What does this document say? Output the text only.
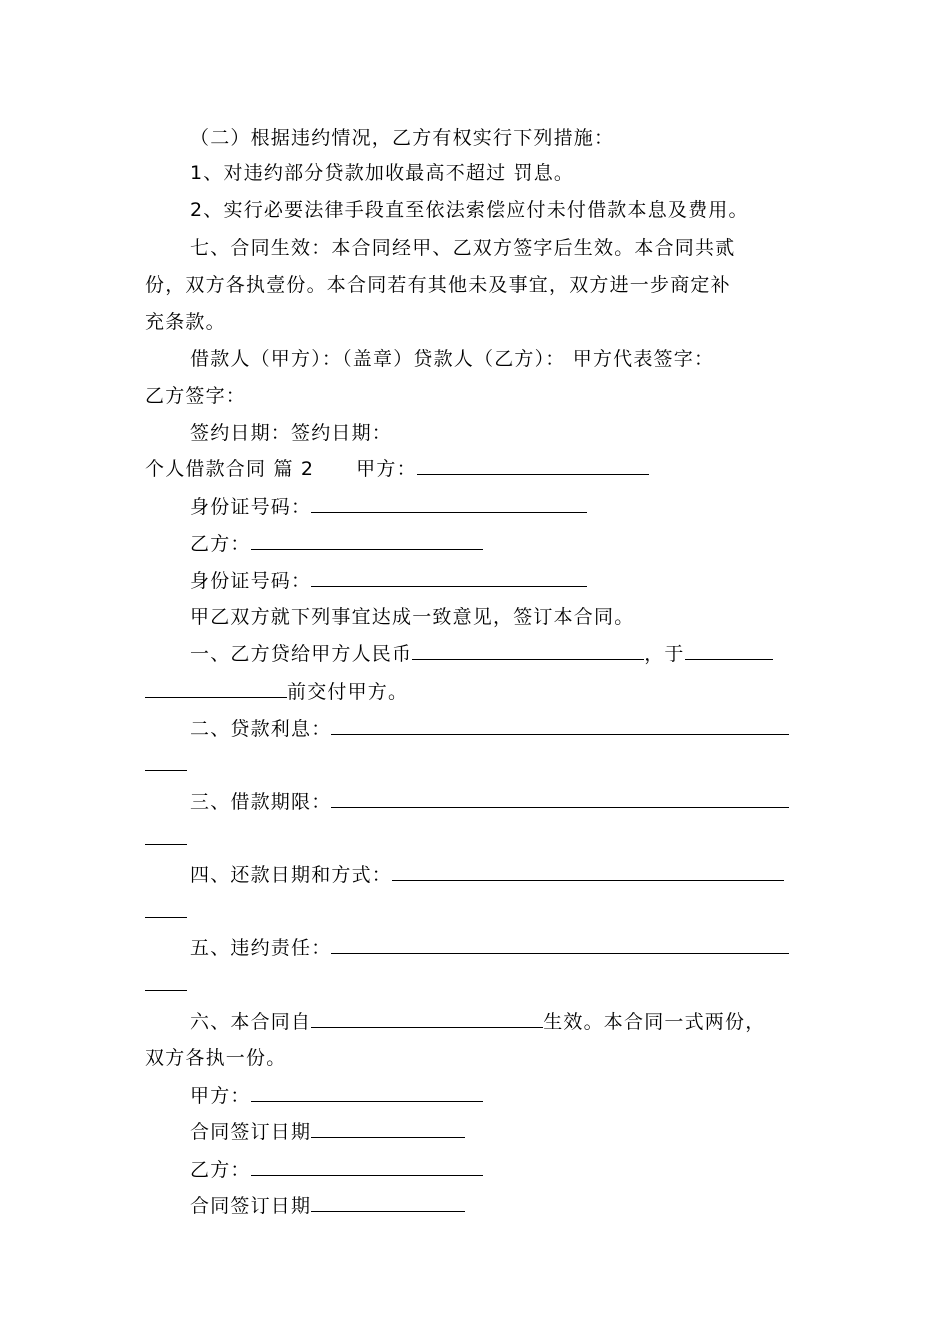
（二）根据违约情况，乙方有权实行下列措施：
1、对违约部分贷款加收最高不超过 罚息。
2、实行必要法律手段直至依法索偿应付未付借款本息及费用。
七、合同生效：本合同经甲、乙双方签字后生效。本合同共贰
份，双方各执壹份。本合同若有其他未及事宜，双方进一步商定补
充条款。
借款人（甲方）：（盖章）贷款人（乙方）： 甲方代表签字：
乙方签字：
签约日期：签约日期：
个人借款合同 篇 2 甲方：
身份证号码：
乙方：
身份证号码：
甲乙双方就下列事宜达成一致意见，签订本合同。
一、乙方贷给甲方人民币	，于
前交付甲方。
二、贷款利息：
三、借款期限：
四、还款日期和方式：
五、违约责任：
六、本合同自	生效。本合同一式两份，
双方各执一份。
甲方：
合同签订日期
乙方：
合同签订日期
